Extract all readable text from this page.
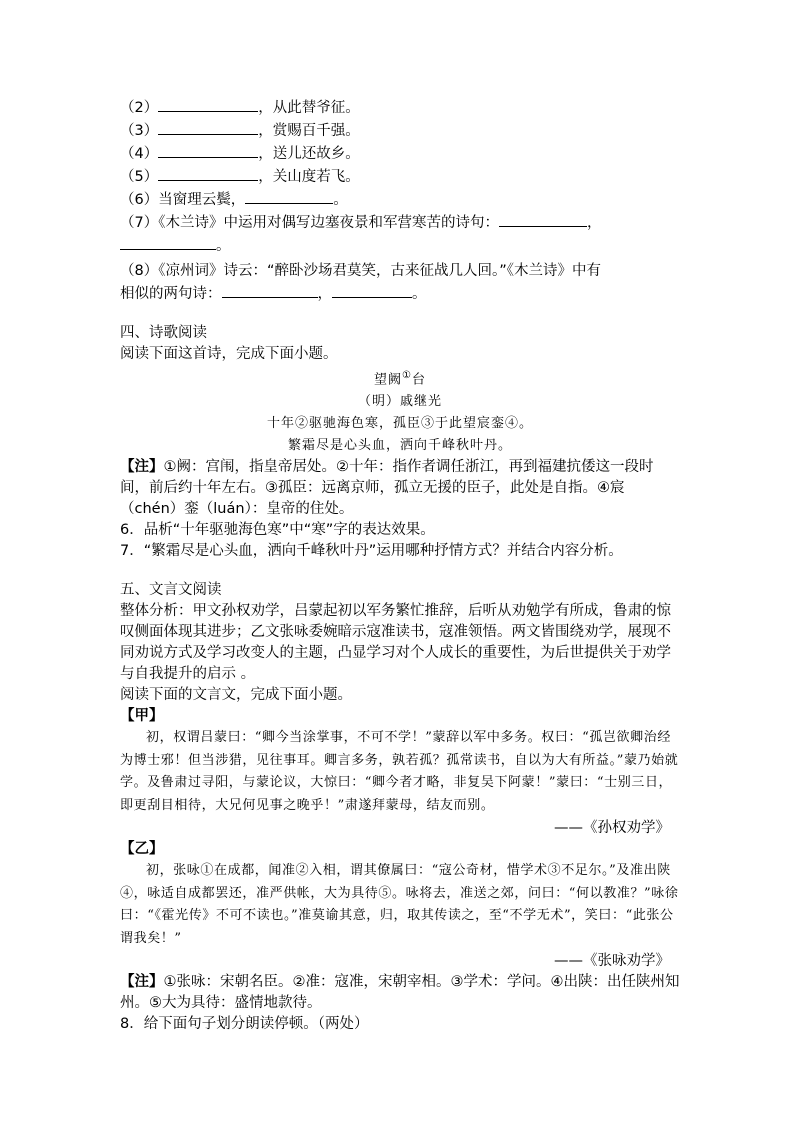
（2）	，从此替爷征。
（3）	，赏赐百千强。
（4）	，送儿还故乡。
（5）	，关山度若飞。
（6）当窗理云鬓，	。
（7）《木兰诗》中运用对偶写边塞夜景和军营寒苦的诗句：	，
。
（8）《凉州词》诗云：“醉卧沙场君莫笑，古来征战几人回。”《木兰诗》中有
相似的两句诗：	，	。
四、诗歌阅读
阅读下面这首诗，完成下面小题。
望阙①台
（明）戚继光
十年②驱驰海色寒，孤臣③于此望宸銮④。
繁霜尽是心头血，洒向千峰秋叶丹。
【注】①阙：宫闱，指皇帝居处。②十年：指作者调任浙江，再到福建抗倭这一段时间，前后约十年左右。③孤臣：远离京师，孤立无援的臣子，此处是自指。④宸（chén）銮（luán）：皇帝的住处。
6．品析“十年驱驰海色寒”中“寒”字的表达效果。
7．“繁霜尽是心头血，洒向千峰秋叶丹”运用哪种抒情方式？并结合内容分析。
五、文言文阅读
整体分析：甲文孙权劝学，吕蒙起初以军务繁忙推辞，后听从劝勉学有所成，鲁肃的惊叹侧面体现其进步；乙文张咏委婉暗示寇准读书，寇准领悟。两文皆围绕劝学，展现不同劝说方式及学习改变人的主题，凸显学习对个人成长的重要性，为后世提供关于劝学与自我提升的启示 。
阅读下面的文言文，完成下面小题。
【甲】
初，权谓吕蒙曰：“卿今当涂掌事，不可不学！”蒙辞以军中多务。权曰：“孤岂欲卿治经为博士邪！但当涉猎，见往事耳。卿言多务，孰若孤？孤常读书，自以为大有所益。”蒙乃始就学。及鲁肃过寻阳，与蒙论议，大惊曰：“卿今者才略，非复吴下阿蒙！”蒙曰：“士别三日，即更刮目相待，大兄何见事之晚乎！”肃遂拜蒙母，结友而别。
——《孙权劝学》
【乙】
初，张咏①在成都，闻准②入相，谓其僚属曰：“寇公奇材，惜学术③不足尔。”及准出陕④，咏适自成都罢还，准严供帐，大为具待⑤。咏将去，准送之郊，问曰：“何以教准？”咏徐曰：“《霍光传》不可不读也。”准莫谕其意，归，取其传读之，至“不学无术”，笑曰：“此张公谓我矣！”
——《张咏劝学》
【注】①张咏：宋朝名臣。②准：寇准，宋朝宰相。③学术：学问。④出陕：出任陕州知州。⑤大为具待：盛情地款待。
8．给下面句子划分朗读停顿。（两处）
